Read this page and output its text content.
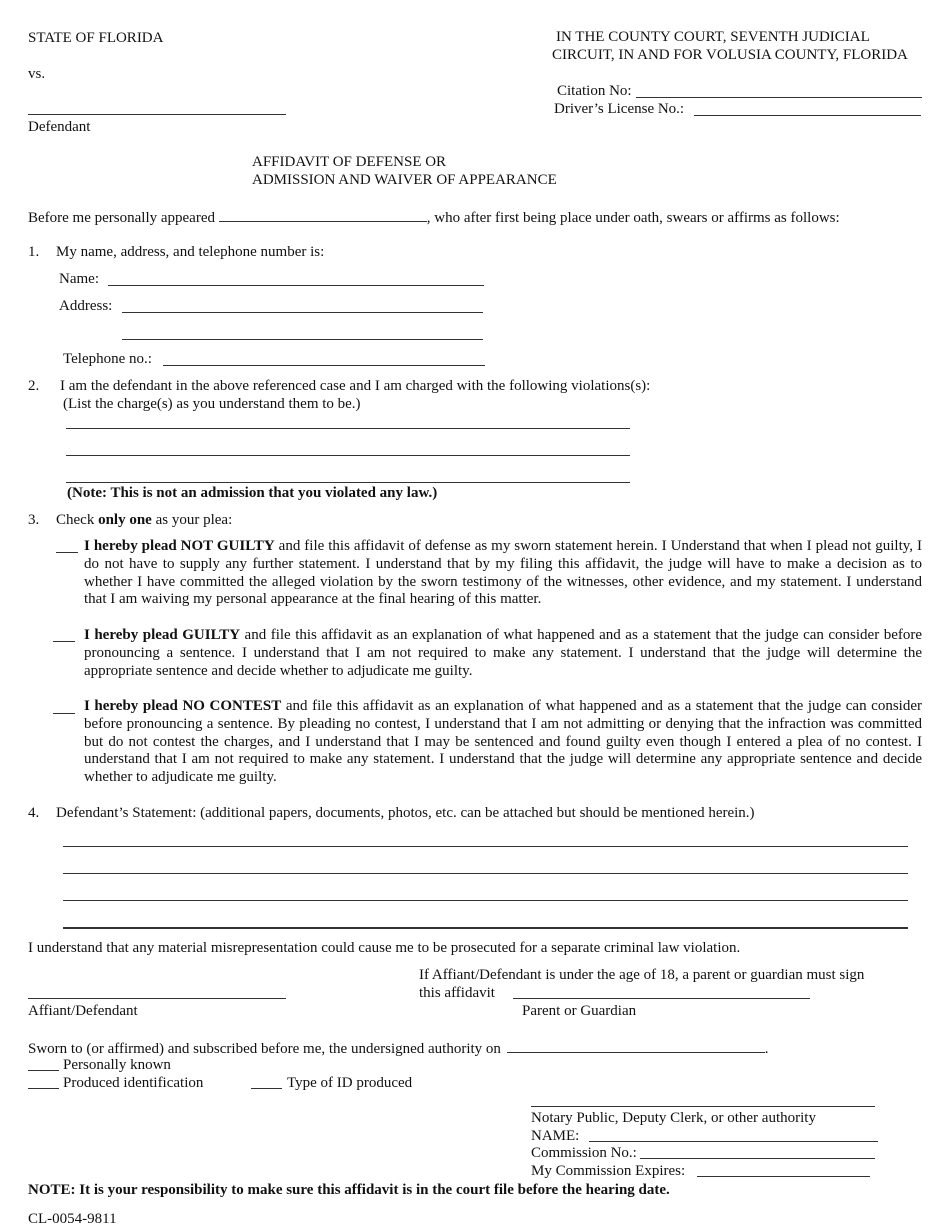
STATE OF FLORIDA
vs.
Defendant
IN THE COUNTY COURT, SEVENTH JUDICIAL
CIRCUIT, IN AND FOR VOLUSIA COUNTY, FLORIDA
Citation No:
Driver’s License No.:
AFFIDAVIT OF DEFENSE OR
ADMISSION AND WAIVER OF APPEARANCE
Before me personally appeared	, who after first being place under oath, swears or affirms as follows:
1. My name, address, and telephone number is:
Name:
Address:
Telephone no.:
2. I am the defendant in the above referenced case and I am charged with the following violations(s):
(List the charge(s) as you understand them to be.)
(Note: This is not an admission that you violated any law.)
3. Check only one as your plea:
I hereby plead NOT GUILTY and file this affidavit of defense as my sworn statement herein. I Understand that when I plead not guilty, I do not have to supply any further statement. I understand that by my filing this affidavit, the judge will have to make a decision as to whether I have committed the alleged violation by the sworn testimony of the witnesses, other evidence, and my statement. I understand that I am waiving my personal appearance at the final hearing of this matter.
I hereby plead GUILTY and file this affidavit as an explanation of what happened and as a statement that the judge can consider before pronouncing a sentence. I understand that I am not required to make any statement. I understand that the judge will determine the appropriate sentence and decide whether to adjudicate me guilty.
I hereby plead NO CONTEST and file this affidavit as an explanation of what happened and as a statement that the judge can consider before pronouncing a sentence. By pleading no contest, I understand that I am not admitting or denying that the infraction was committed but do not contest the charges, and I understand that I may be sentenced and found guilty even though I entered a plea of no contest. I understand that I am not required to make any statement. I understand that the judge will determine any appropriate sentence and decide whether to adjudicate me guilty.
4. Defendant’s Statement: (additional papers, documents, photos, etc. can be attached but should be mentioned herein.)
I understand that any material misrepresentation could cause me to be prosecuted for a separate criminal law violation.
If Affiant/Defendant is under the age of 18, a parent or guardian must sign
this affidavit
Affiant/Defendant	Parent or Guardian
Sworn to (or affirmed) and subscribed before me, the undersigned authority on	.
Personally known
Produced identification	Type of ID produced
Notary Public, Deputy Clerk, or other authority
NAME:
Commission No.:
My Commission Expires:
NOTE: It is your responsibility to make sure this affidavit is in the court file before the hearing date.
CL-0054-9811
